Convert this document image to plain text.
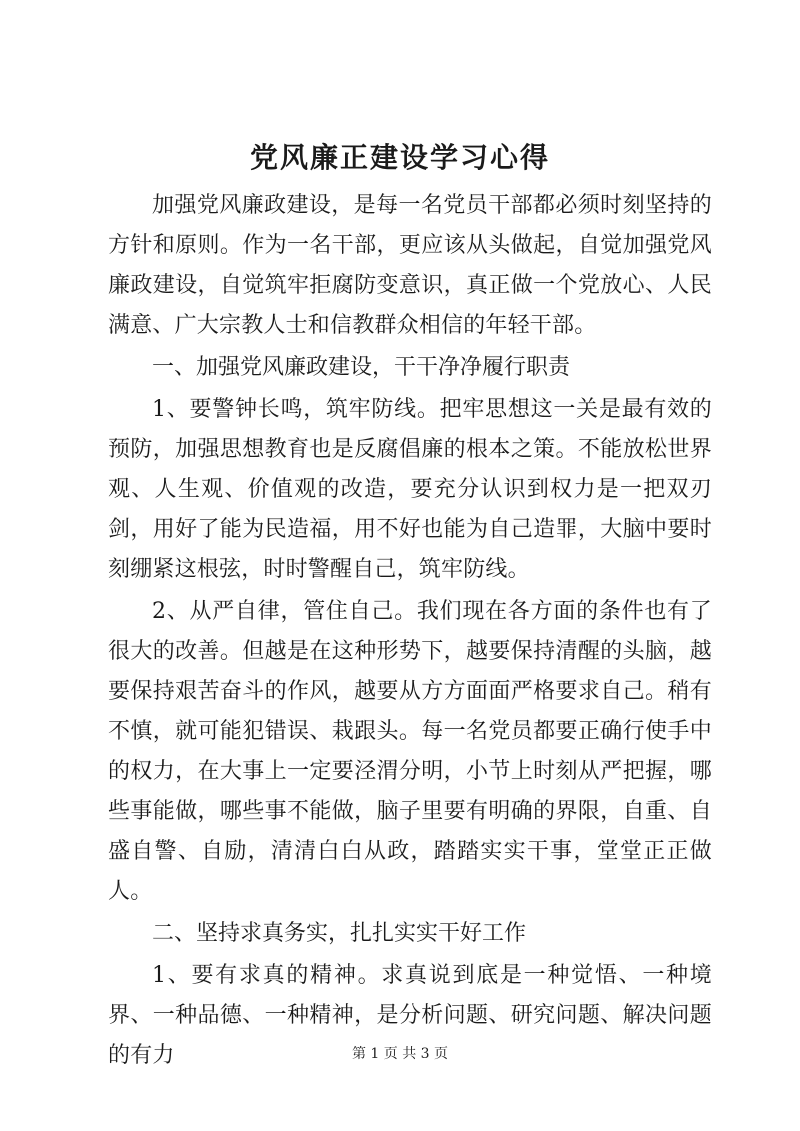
党风廉正建设学习心得

加强党风廉政建设，是每一名党员干部都必须时刻坚持的方针和原则。作为一名干部，更应该从头做起，自觉加强党风廉政建设，自觉筑牢拒腐防变意识，真正做一个党放心、人民满意、广大宗教人士和信教群众相信的年轻干部。

一、加强党风廉政建设，干干净净履行职责

1、要警钟长鸣，筑牢防线。把牢思想这一关是最有效的预防，加强思想教育也是反腐倡廉的根本之策。不能放松世界观、人生观、价值观的改造，要充分认识到权力是一把双刃剑，用好了能为民造福，用不好也能为自己造罪，大脑中要时刻绷紧这根弦，时时警醒自己，筑牢防线。

2、从严自律，管住自己。我们现在各方面的条件也有了很大的改善。但越是在这种形势下，越要保持清醒的头脑，越要保持艰苦奋斗的作风，越要从方方面面严格要求自己。稍有不慎，就可能犯错误、栽跟头。每一名党员都要正确行使手中的权力，在大事上一定要泾渭分明，小节上时刻从严把握，哪些事能做，哪些事不能做，脑子里要有明确的界限，自重、自盛自警、自励，清清白白从政，踏踏实实干事，堂堂正正做人。

二、坚持求真务实，扎扎实实干好工作

1、要有求真的精神。求真说到底是一种觉悟、一种境界、一种品德、一种精神，是分析问题、研究问题、解决问题的有力	第 1 页 共 3 页
